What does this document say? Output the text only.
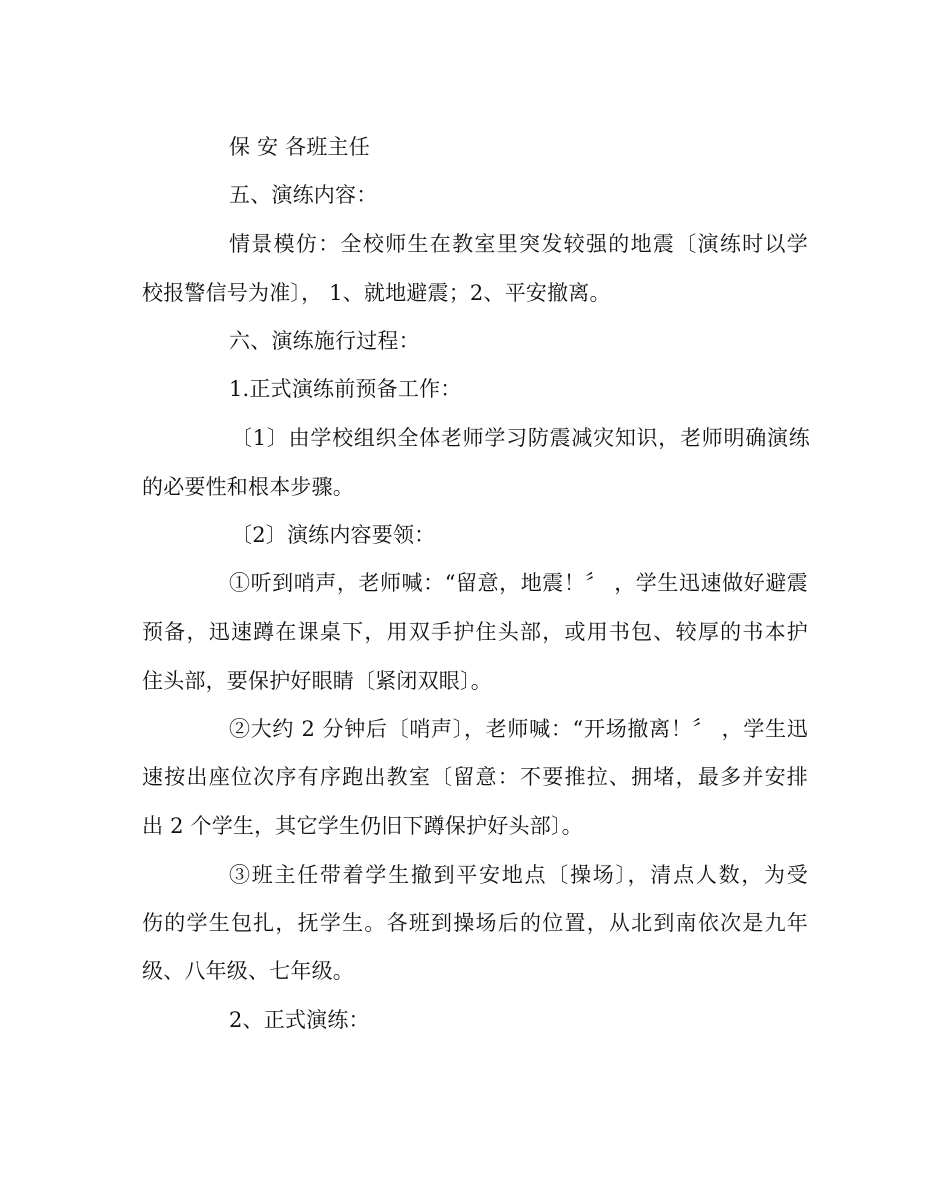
保 安 各班主任
五、演练内容：
情景模仿：全校师生在教室里突发较强的地震〔演练时以学
校报警信号为准〕， 1、就地避震；2、平安撤离。
六、演练施行过程：
1.正式演练前预备工作：
〔1〕由学校组织全体老师学习防震减灾知识，老师明确演练
的必要性和根本步骤。
〔2〕演练内容要领：
①听到哨声，老师喊：“留意，地震！〞 ，学生迅速做好避震
预备，迅速蹲在课桌下，用双手护住头部，或用书包、较厚的书本护
住头部，要保护好眼睛〔紧闭双眼〕。
②大约 2 分钟后〔哨声〕，老师喊：“开场撤离！〞 ，学生迅
速按出座位次序有序跑出教室〔留意：不要推拉、拥堵，最多并安排
出 2 个学生，其它学生仍旧下蹲保护好头部〕。
③班主任带着学生撤到平安地点〔操场〕，清点人数，为受
伤的学生包扎，抚学生。各班到操场后的位置，从北到南依次是九年
级、八年级、七年级。
2、正式演练：
